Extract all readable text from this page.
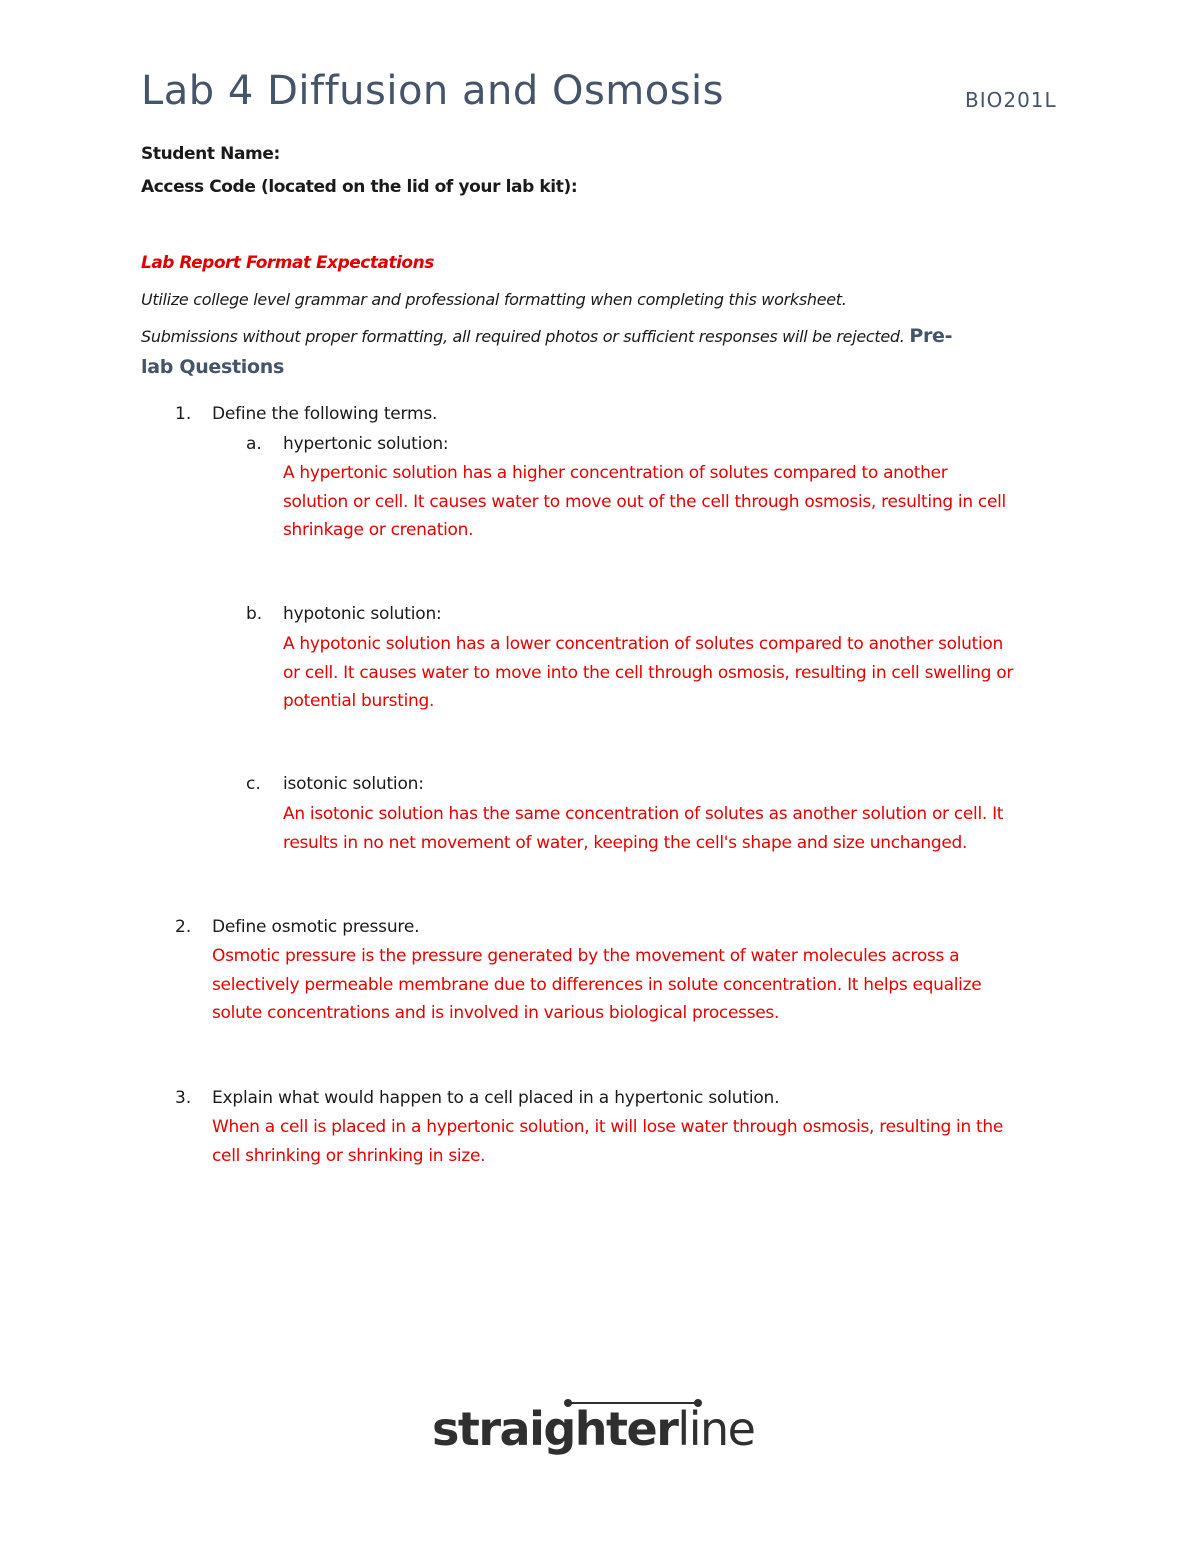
Lab 4 Diffusion and Osmosis	BIO201L
Student Name:
Access Code (located on the lid of your lab kit):
Lab Report Format Expectations
Utilize college level grammar and professional formatting when completing this worksheet.
Submissions without proper formatting, all required photos or sufficient responses will be rejected. Pre-
lab Questions
1. Define the following terms.
a. hypertonic solution:
A hypertonic solution has a higher concentration of solutes compared to another
solution or cell. It causes water to move out of the cell through osmosis, resulting in cell
shrinkage or crenation.
b. hypotonic solution:
A hypotonic solution has a lower concentration of solutes compared to another solution
or cell. It causes water to move into the cell through osmosis, resulting in cell swelling or
potential bursting.
c. isotonic solution:
An isotonic solution has the same concentration of solutes as another solution or cell. It
results in no net movement of water, keeping the cell's shape and size unchanged.
2. Define osmotic pressure.
Osmotic pressure is the pressure generated by the movement of water molecules across a
selectively permeable membrane due to differences in solute concentration. It helps equalize
solute concentrations and is involved in various biological processes.
3. Explain what would happen to a cell placed in a hypertonic solution.
When a cell is placed in a hypertonic solution, it will lose water through osmosis, resulting in the
cell shrinking or shrinking in size.
straighterline
